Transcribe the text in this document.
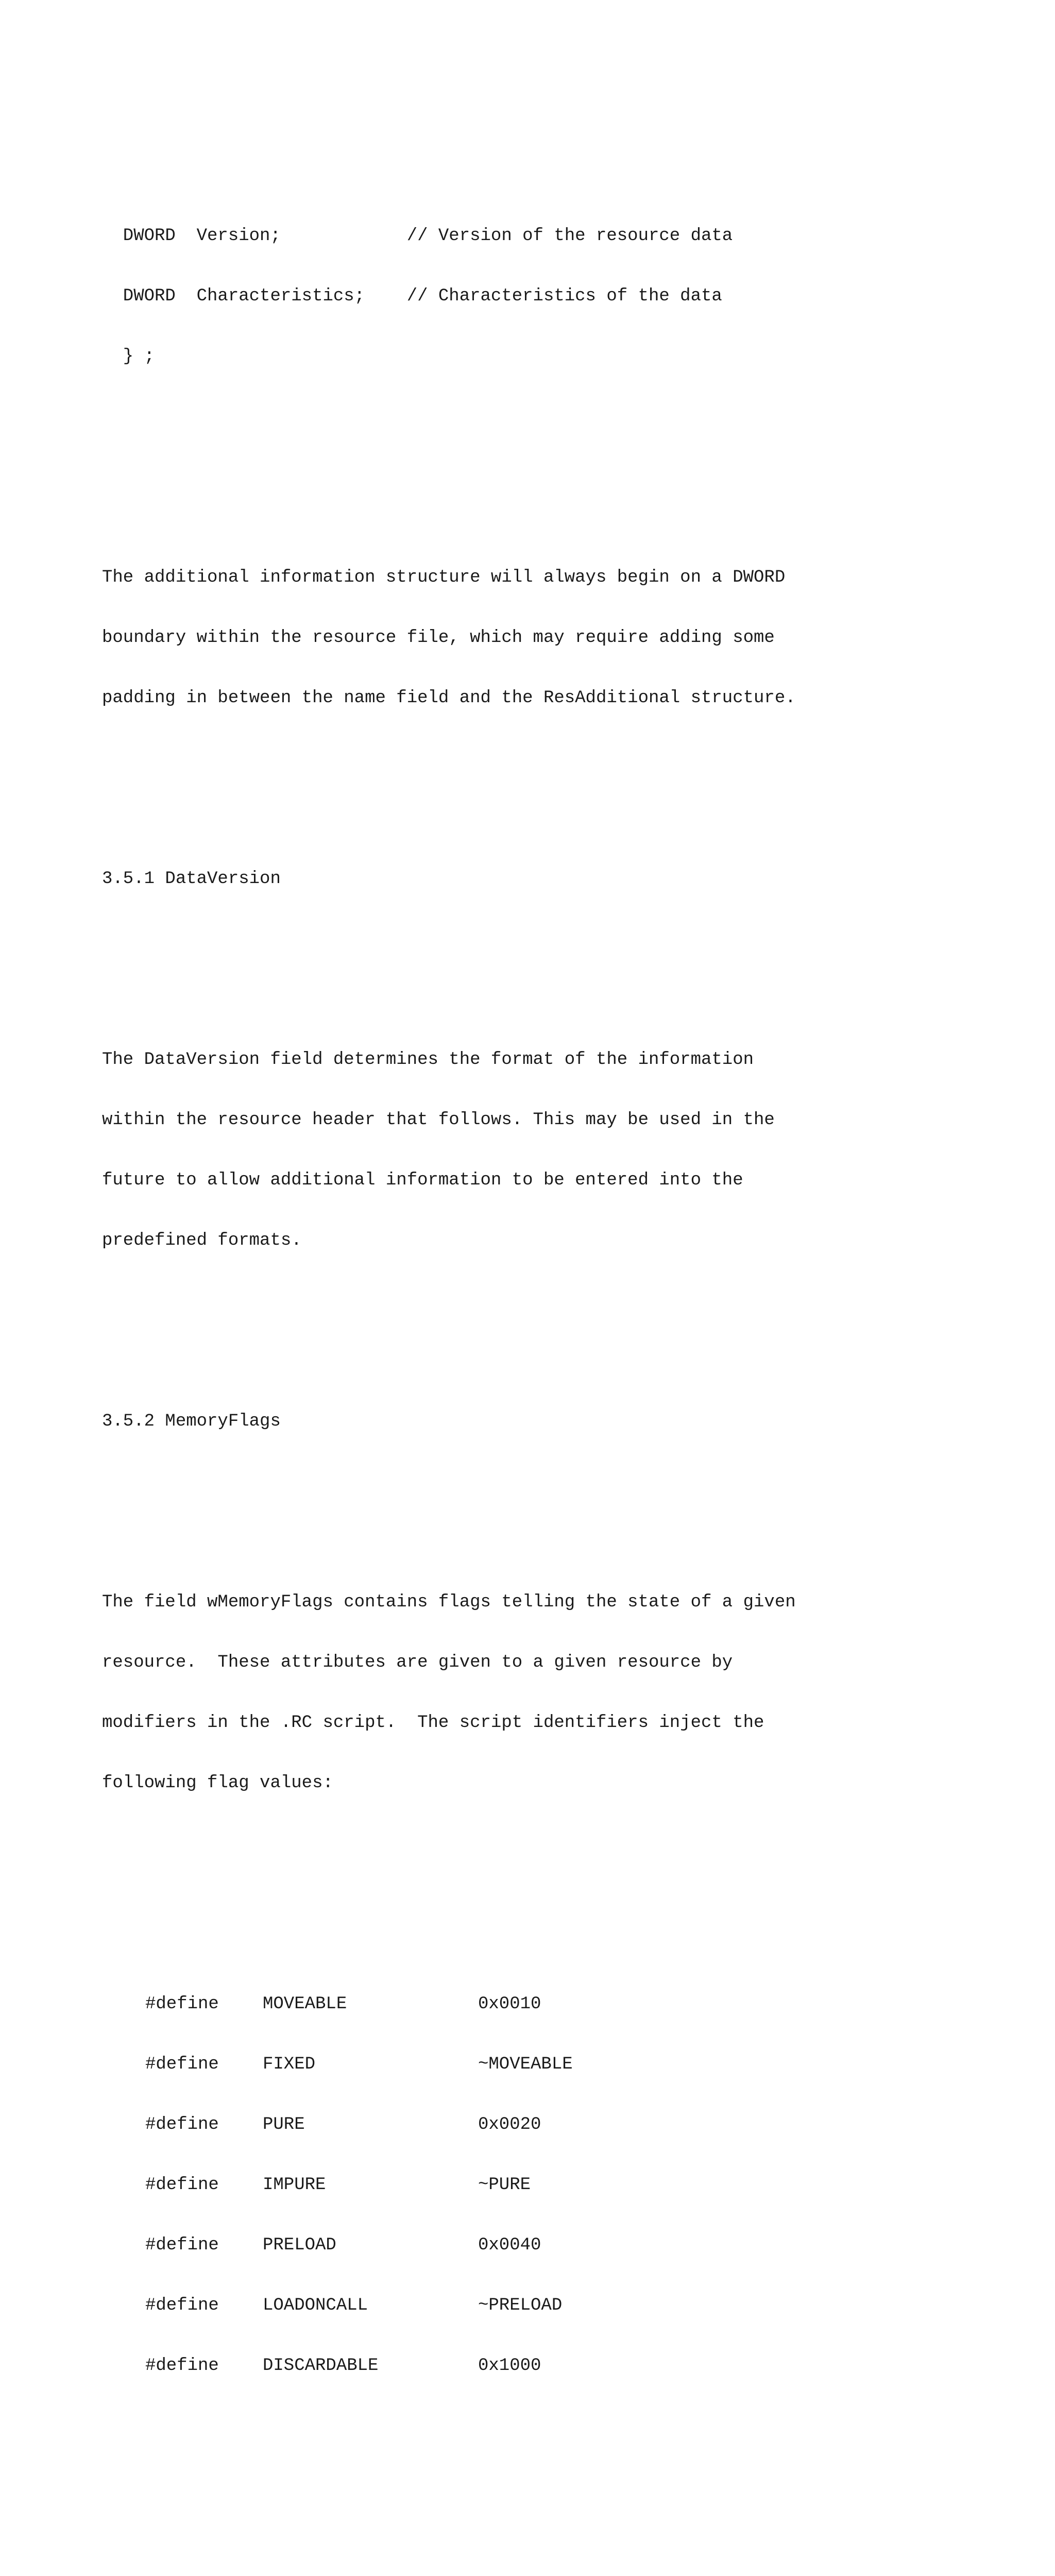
DWORD  Version;            // Version of the resource data

DWORD  Characteristics;    // Characteristics of the data

} ;

The additional information structure will always begin on a DWORD

boundary within the resource file, which may require adding some

padding in between the name field and the ResAdditional structure.

3.5.1 DataVersion

The DataVersion field determines the format of the information

within the resource header that follows. This may be used in the

future to allow additional information to be entered into the

predefined formats.

3.5.2 MemoryFlags

The field wMemoryFlags contains flags telling the state of a given

resource.  These attributes are given to a given resource by

modifiers in the .RC script.  The script identifiers inject the

following flag values:

#define	MOVEABLE	0x0010

#define	FIXED	~MOVEABLE

#define	PURE	0x0020

#define	IMPURE	~PURE

#define	PRELOAD	0x0040

#define	LOADONCALL	~PRELOAD

#define	DISCARDABLE	0x1000
